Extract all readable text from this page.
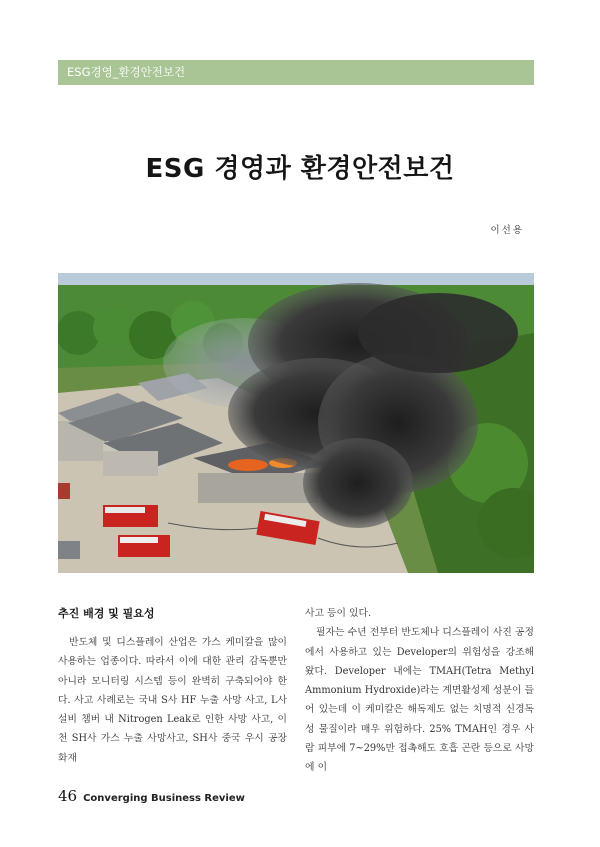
ESG경영_환경안전보건
ESG 경영과 환경안전보건
이선용
추진 배경 및 필요성

반도체 및 디스플레이 산업은 가스 케미칼을 많이 사용하는 업종이다. 따라서 이에 대한 관리 감독뿐만 아니라 모니터링 시스템 등이 완벽히 구축되어야 한다. 사고 사례로는 국내 S사 HF 누출 사망 사고, L사 설비 챔버 내 Nitrogen Leak로 인한 사망 사고, 이천 SH사 가스 누출 사망사고, SH사 중국 우시 공장 화재

사고 등이 있다.

필자는 수년 전부터 반도체나 디스플레이 사진 공정에서 사용하고 있는 Developer의 위험성을 강조해 왔다. Developer 내에는 TMAH(Tetra Methyl Ammonium Hydroxide)라는 계면활성제 성분이 들어 있는데 이 케미칼은 해독제도 없는 치명적 신경독성 물질이라 매우 위험하다. 25% TMAH인 경우 사람 피부에 7~29%만 접촉해도 호흡 곤란 등으로 사망에 이

46 Converging Business Review
